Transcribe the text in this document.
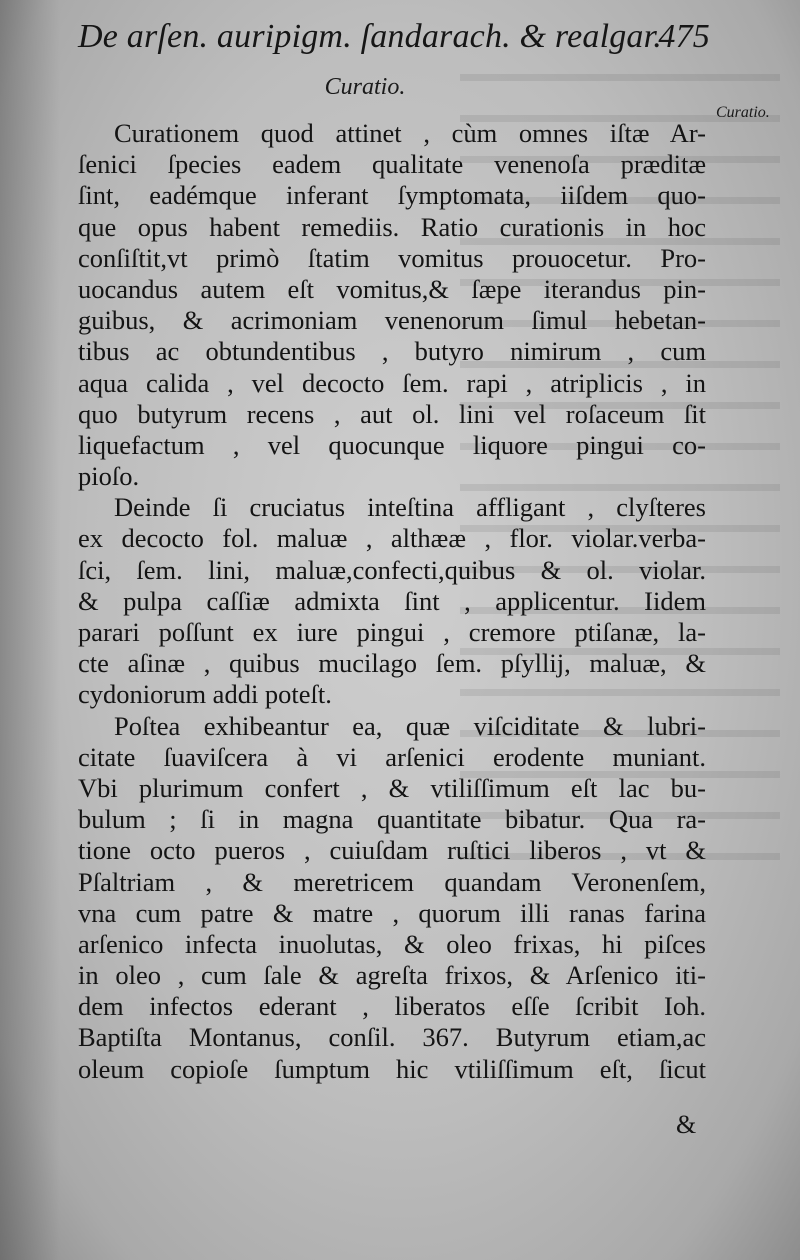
De arſen. auripigm. ſandarach. & realgar.
475
Curatio.
Curatio.
Curationem quod attinet , cùm omnes iſtæ Ar-
ſenici ſpecies eadem qualitate venenoſa præditæ
ſint, eadémque inferant ſymptomata, iiſdem quo-
que opus habent remediis. Ratio curationis in hoc
conſiſtit,vt primò ſtatim vomitus prouocetur. Pro-
uocandus autem eſt vomitus,& ſæpe iterandus pin-
guibus, & acrimoniam venenorum ſimul hebetan-
tibus ac obtundentibus , butyro nimirum , cum
aqua calida , vel decocto ſem. rapi , atriplicis , in
quo butyrum recens , aut ol. lini vel roſaceum ſit
liquefactum , vel quocunque liquore pingui co-
pioſo.
Deinde ſi cruciatus inteſtina affligant , clyſteres
ex decocto fol. maluæ , althææ , flor. violar.verba-
ſci, ſem. lini, maluæ,confecti,quibus & ol. violar.
& pulpa caſſiæ admixta ſint , applicentur. Iidem
parari poſſunt ex iure pingui , cremore ptiſanæ, la-
cte aſinæ , quibus mucilago ſem. pſyllij, maluæ, &
cydoniorum addi poteſt.
Poſtea exhibeantur ea, quæ viſciditate & lubri-
citate ſuaviſcera à vi arſenici erodente muniant.
Vbi plurimum confert , & vtiliſſimum eſt lac bu-
bulum ; ſi in magna quantitate bibatur. Qua ra-
tione octo pueros , cuiuſdam ruſtici liberos , vt &
Pſaltriam , & meretricem quandam Veronenſem,
vna cum patre & matre , quorum illi ranas farina
arſenico infecta inuolutas, & oleo frixas, hi piſces
in oleo , cum ſale & agreſta frixos, & Arſenico iti-
dem infectos ederant , liberatos eſſe ſcribit Ioh.
Baptiſta Montanus, conſil. 367. Butyrum etiam,ac
oleum copioſe ſumptum hic vtiliſſimum eſt, ſicut
&
